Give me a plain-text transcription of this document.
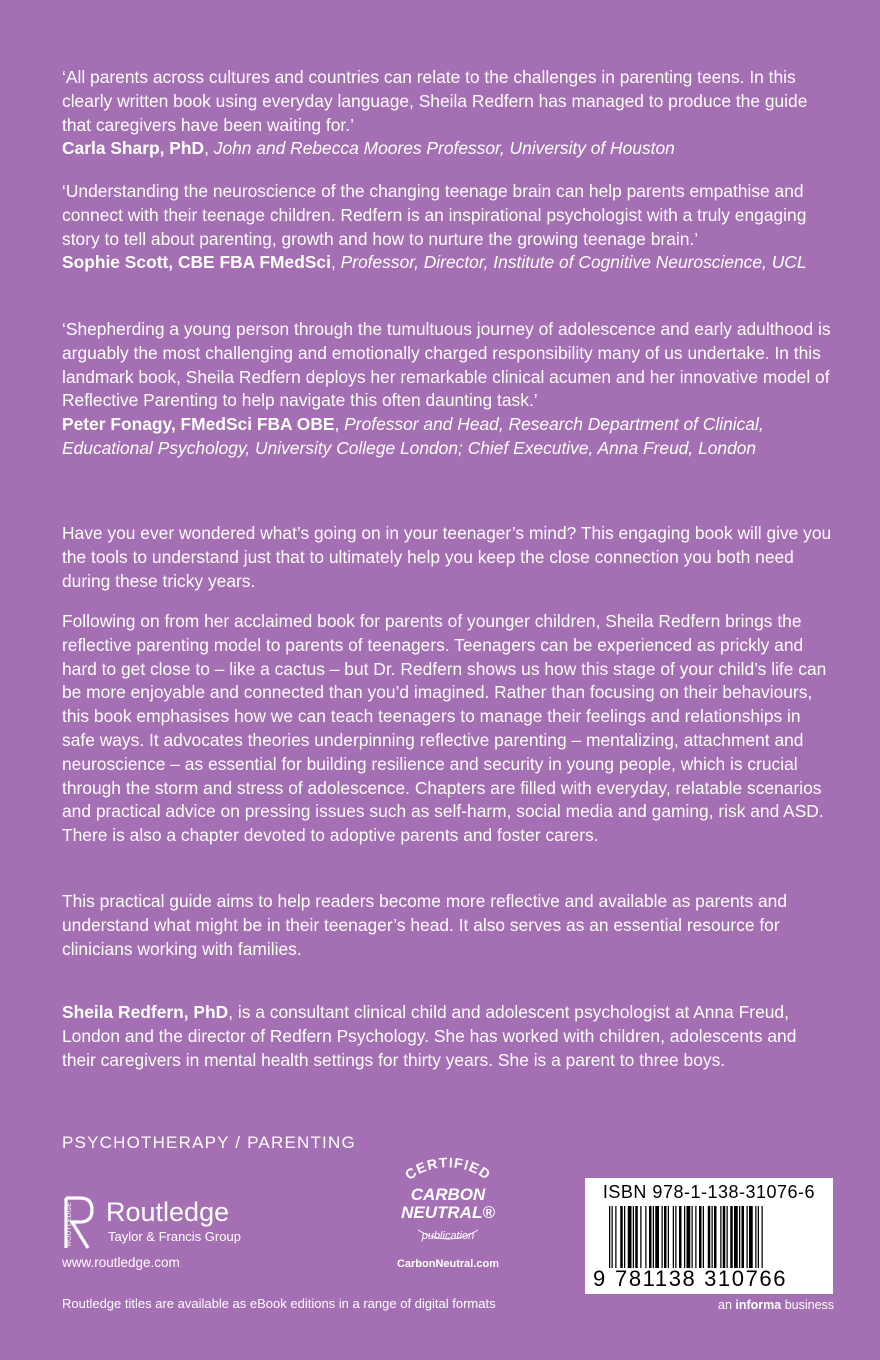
‘All parents across cultures and countries can relate to the challenges in parenting teens. In this clearly written book using everyday language, Sheila Redfern has managed to produce the guide that caregivers have been waiting for.’

Carla Sharp, PhD, John and Rebecca Moores Professor, University of Houston

‘Understanding the neuroscience of the changing teenage brain can help parents empathise and connect with their teenage children. Redfern is an inspirational psychologist with a truly engaging story to tell about parenting, growth and how to nurture the growing teenage brain.’

Sophie Scott, CBE FBA FMedSci, Professor, Director, Institute of Cognitive Neuroscience, UCL

‘Shepherding a young person through the tumultuous journey of adolescence and early adulthood is arguably the most challenging and emotionally charged responsibility many of us undertake. In this landmark book, Sheila Redfern deploys her remarkable clinical acumen and her innovative model of Reflective Parenting to help navigate this often daunting task.’

Peter Fonagy, FMedSci FBA OBE, Professor and Head, Research Department of Clinical, Educational Psychology, University College London; Chief Executive, Anna Freud, London

Have you ever wondered what’s going on in your teenager’s mind? This engaging book will give you the tools to understand just that to ultimately help you keep the close connection you both need during these tricky years.

Following on from her acclaimed book for parents of younger children, Sheila Redfern brings the reflective parenting model to parents of teenagers. Teenagers can be experienced as prickly and hard to get close to – like a cactus – but Dr. Redfern shows us how this stage of your child’s life can be more enjoyable and connected than you’d imagined. Rather than focusing on their behaviours, this book emphasises how we can teach teenagers to manage their feelings and relationships in safe ways. It advocates theories underpinning reflective parenting – mentalizing, attachment and neuroscience – as essential for building resilience and security in young people, which is crucial through the storm and stress of adolescence. Chapters are filled with everyday, relatable scenarios and practical advice on pressing issues such as self-harm, social media and gaming, risk and ASD. There is also a chapter devoted to adoptive parents and foster carers.

This practical guide aims to help readers become more reflective and available as parents and understand what might be in their teenager’s head. It also serves as an essential resource for clinicians working with families.

Sheila Redfern, PhD, is a consultant clinical child and adolescent psychologist at Anna Freud, London and the director of Redfern Psychology. She has worked with children, adolescents and their caregivers in mental health settings for thirty years. She is a parent to three boys.

PSYCHOTHERAPY / PARENTING
ROUTLEDGE Routledge
Taylor & Francis Group
www.routledge.com
CERTIFIED
CARBON
NEUTRAL®
publication
CarbonNeutral.com
ISBN 978-1-138-31076-6
9 781138 310766
an informa business
Routledge titles are available as eBook editions in a range of digital formats
